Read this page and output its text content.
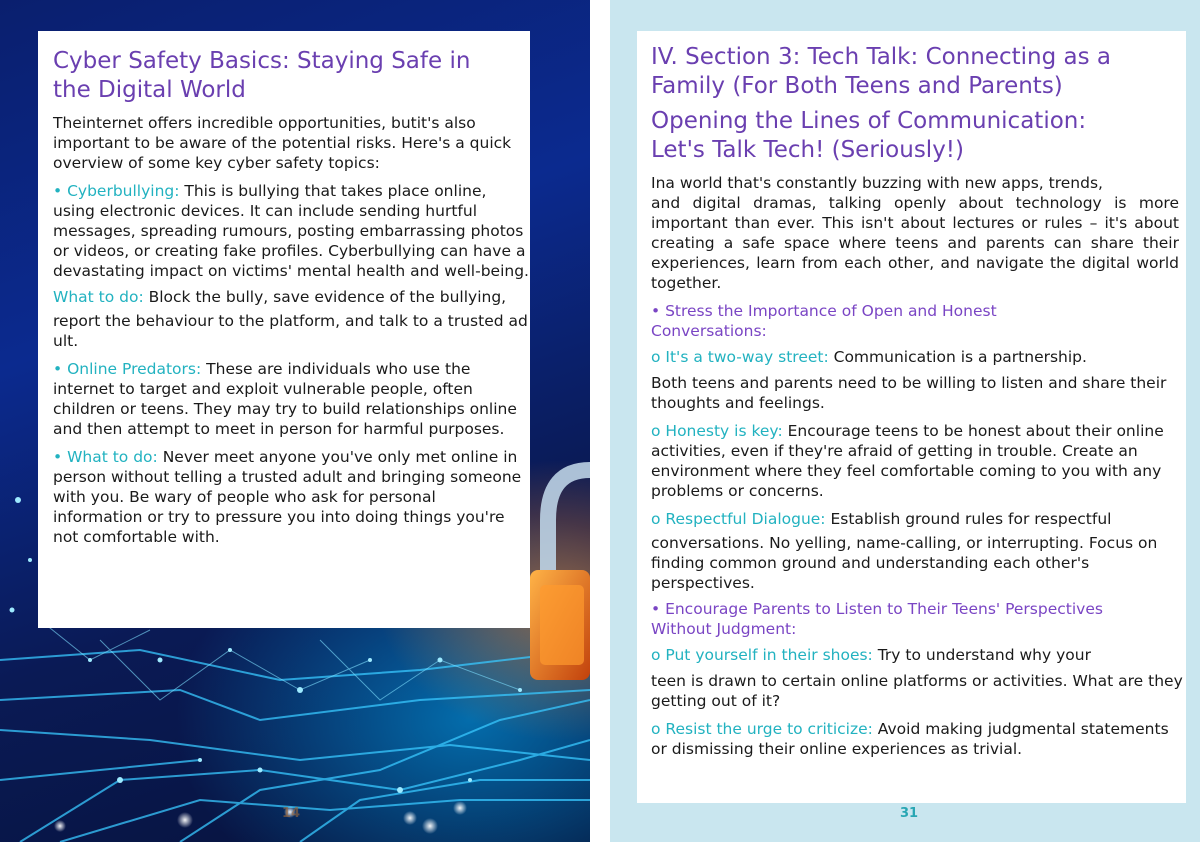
Cyber Safety Basics: Staying Safe in
the Digital World

Theinternet offers incredible opportunities, butit's also important to be aware of the potential risks. Here's a quick overview of some key cyber safety topics:

• Cyberbullying: This is bullying that takes place online, using electronic devices. It can include sending hurtful messages, spreading rumours, posting embarrassing photos or videos, or creating fake profiles. Cyberbullying can have a devastating impact on victims' mental health and well-being.

What to do: Block the bully, save evidence of the bullying,

report the behaviour to the platform, and talk to a trusted ad ult.

• Online Predators: These are individuals who use the internet to target and exploit vulnerable people, often children or teens. They may try to build relationships online and then attempt to meet in person for harmful purposes.

• What to do: Never meet anyone you've only met online in person without telling a trusted adult and bringing someone with you. Be wary of people who ask for personal information or try to pressure you into doing things you're not comfortable with.

14
IV. Section 3: Tech Talk: Connecting as a
Family (For Both Teens and Parents)
Opening the Lines of Communication:
Let's Talk Tech! (Seriously!)

Ina world that's constantly buzzing with new apps, trends,
and digital dramas, talking openly about technology is more important than ever. This isn't about lectures or rules – it's about creating a safe space where teens and parents can share their experiences, learn from each other, and navigate the digital world together.

• Stress the Importance of Open and Honest
Conversations:

o It's a two-way street: Communication is a partnership.

Both teens and parents need to be willing to listen and share their thoughts and feelings.

o Honesty is key: Encourage teens to be honest about their online activities, even if they're afraid of getting in trouble. Create an environment where they feel comfortable coming to you with any problems or concerns.

o Respectful Dialogue: Establish ground rules for respectful

conversations. No yelling, name-calling, or interrupting. Focus on finding common ground and understanding each other's perspectives.

• Encourage Parents to Listen to Their Teens' Perspectives
Without Judgment:

o Put yourself in their shoes: Try to understand why your

teen is drawn to certain online platforms or activities. What are they getting out of it?

o Resist the urge to criticize: Avoid making judgmental statements or dismissing their online experiences as trivial.

31
